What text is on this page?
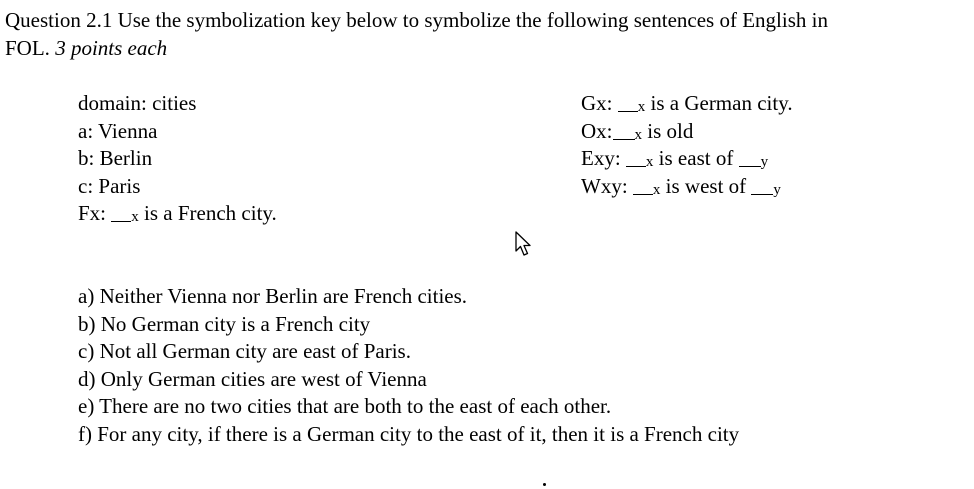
Question 2.1 Use the symbolization key below to symbolize the following sentences of English in
FOL. 3 points each
domain: cities
a: Vienna
b: Berlin
c: Paris
Fx: x is a French city.
Gx: x is a German city.
Ox: x is old
Exy: x is east of y
Wxy: x is west of y
a) Neither Vienna nor Berlin are French cities.
b) No German city is a French city
c) Not all German city are east of Paris.
d) Only German cities are west of Vienna
e) There are no two cities that are both to the east of each other.
f) For any city, if there is a German city to the east of it, then it is a French city
